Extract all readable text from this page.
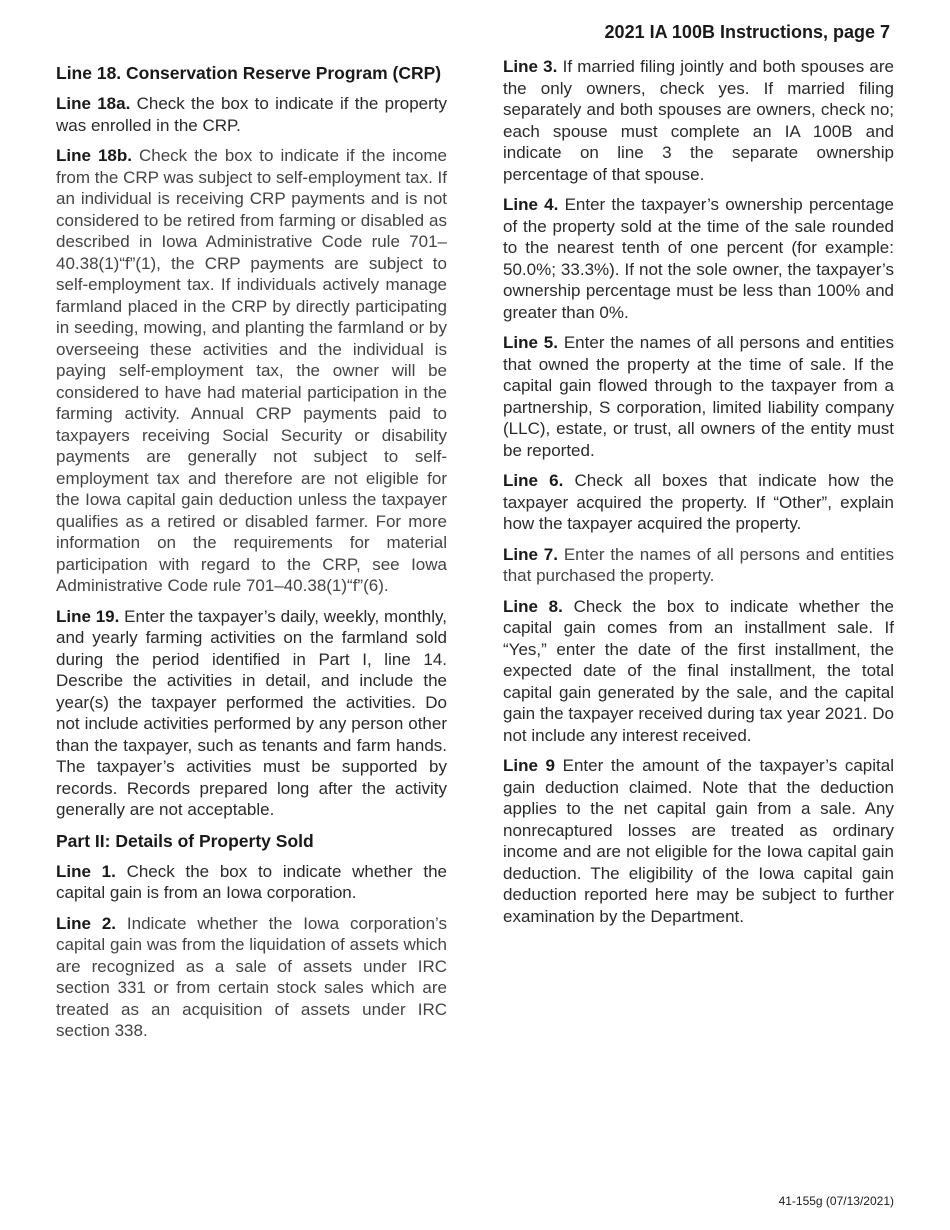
2021 IA 100B Instructions, page 7

Line 18. Conservation Reserve Program (CRP)

Line 18a. Check the box to indicate if the property was enrolled in the CRP.

Line 18b. Check the box to indicate if the income from the CRP was subject to self-employment tax. If an individual is receiving CRP payments and is not considered to be retired from farming or disabled as described in Iowa Administrative Code rule 701–40.38(1)“f”(1), the CRP payments are subject to self-employment tax. If individuals actively manage farmland placed in the CRP by directly participating in seeding, mowing, and planting the farmland or by overseeing these activities and the individual is paying self-employment tax, the owner will be considered to have had material participation in the farming activity. Annual CRP payments paid to taxpayers receiving Social Security or disability payments are generally not subject to self-employment tax and therefore are not eligible for the Iowa capital gain deduction unless the taxpayer qualifies as a retired or disabled farmer. For more information on the requirements for material participation with regard to the CRP, see Iowa Administrative Code rule 701–40.38(1)“f”(6).

Line 19. Enter the taxpayer’s daily, weekly, monthly, and yearly farming activities on the farmland sold during the period identified in Part I, line 14. Describe the activities in detail, and include the year(s) the taxpayer performed the activities. Do not include activities performed by any person other than the taxpayer, such as tenants and farm hands. The taxpayer’s activities must be supported by records. Records prepared long after the activity generally are not acceptable.

Part II: Details of Property Sold

Line 1. Check the box to indicate whether the capital gain is from an Iowa corporation.

Line 2. Indicate whether the Iowa corporation’s capital gain was from the liquidation of assets which are recognized as a sale of assets under IRC section 331 or from certain stock sales which are treated as an acquisition of assets under IRC section 338.

Line 3. If married filing jointly and both spouses are the only owners, check yes. If married filing separately and both spouses are owners, check no; each spouse must complete an IA 100B and indicate on line 3 the separate ownership percentage of that spouse.

Line 4. Enter the taxpayer’s ownership percentage of the property sold at the time of the sale rounded to the nearest tenth of one percent (for example: 50.0%; 33.3%). If not the sole owner, the taxpayer’s ownership percentage must be less than 100% and greater than 0%.

Line 5. Enter the names of all persons and entities that owned the property at the time of sale. If the capital gain flowed through to the taxpayer from a partnership, S corporation, limited liability company (LLC), estate, or trust, all owners of the entity must be reported.

Line 6. Check all boxes that indicate how the taxpayer acquired the property. If “Other”, explain how the taxpayer acquired the property.

Line 7. Enter the names of all persons and entities that purchased the property.

Line 8. Check the box to indicate whether the capital gain comes from an installment sale. If “Yes,” enter the date of the first installment, the expected date of the final installment, the total capital gain generated by the sale, and the capital gain the taxpayer received during tax year 2021. Do not include any interest received.

Line 9 Enter the amount of the taxpayer’s capital gain deduction claimed. Note that the deduction applies to the net capital gain from a sale. Any nonrecaptured losses are treated as ordinary income and are not eligible for the Iowa capital gain deduction. The eligibility of the Iowa capital gain deduction reported here may be subject to further examination by the Department.

41-155g (07/13/2021)
